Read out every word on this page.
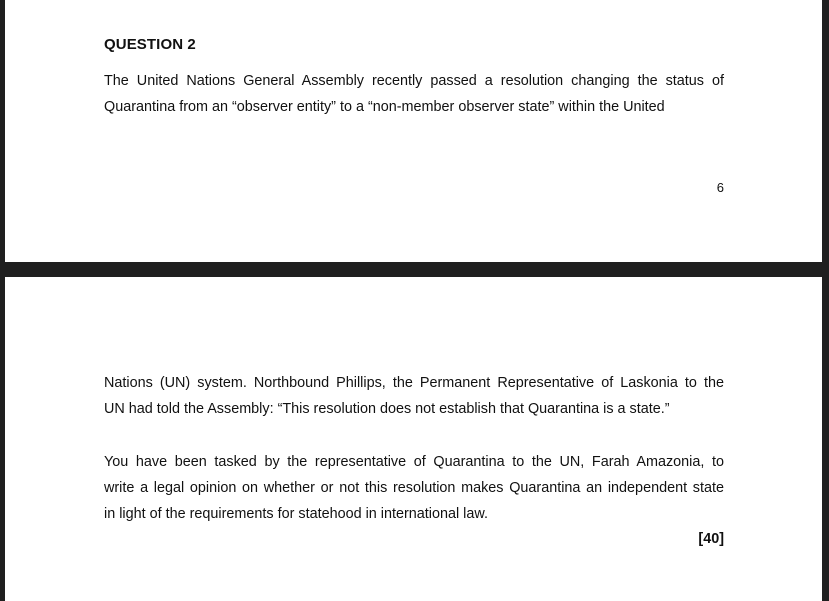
QUESTION 2
The United Nations General Assembly recently passed a resolution changing the status of
Quarantina from an “observer entity” to a “non-member observer state” within the United
6
Nations (UN) system. Northbound Phillips, the Permanent Representative of Laskonia to the
UN had told the Assembly: “This resolution does not establish that Quarantina is a state.”
You have been tasked by the representative of Quarantina to the UN, Farah Amazonia, to
write a legal opinion on whether or not this resolution makes Quarantina an independent state
in light of the requirements for statehood in international law.
[40]
